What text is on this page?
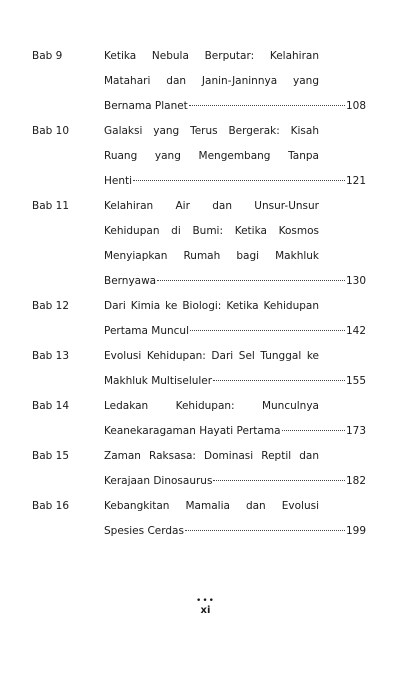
Bab 9	Ketika Nebula Berputar: Kelahiran
Matahari dan Janin-Janinnya yang
Bernama Planet	108
Bab 10	Galaksi yang Terus Bergerak: Kisah
Ruang yang Mengembang Tanpa
Henti	121
Bab 11	Kelahiran Air dan Unsur-Unsur
Kehidupan di Bumi: Ketika Kosmos
Menyiapkan Rumah bagi Makhluk
Bernyawa	130
Bab 12	Dari Kimia ke Biologi: Ketika Kehidupan
Pertama Muncul	142
Bab 13	Evolusi Kehidupan: Dari Sel Tunggal ke
Makhluk Multiseluler	155
Bab 14	Ledakan Kehidupan: Munculnya
Keanekaragaman Hayati Pertama	173
Bab 15	Zaman Raksasa: Dominasi Reptil dan
Kerajaan Dinosaurus	182
Bab 16	Kebangkitan Mamalia dan Evolusi
Spesies Cerdas	199
•••
xi
